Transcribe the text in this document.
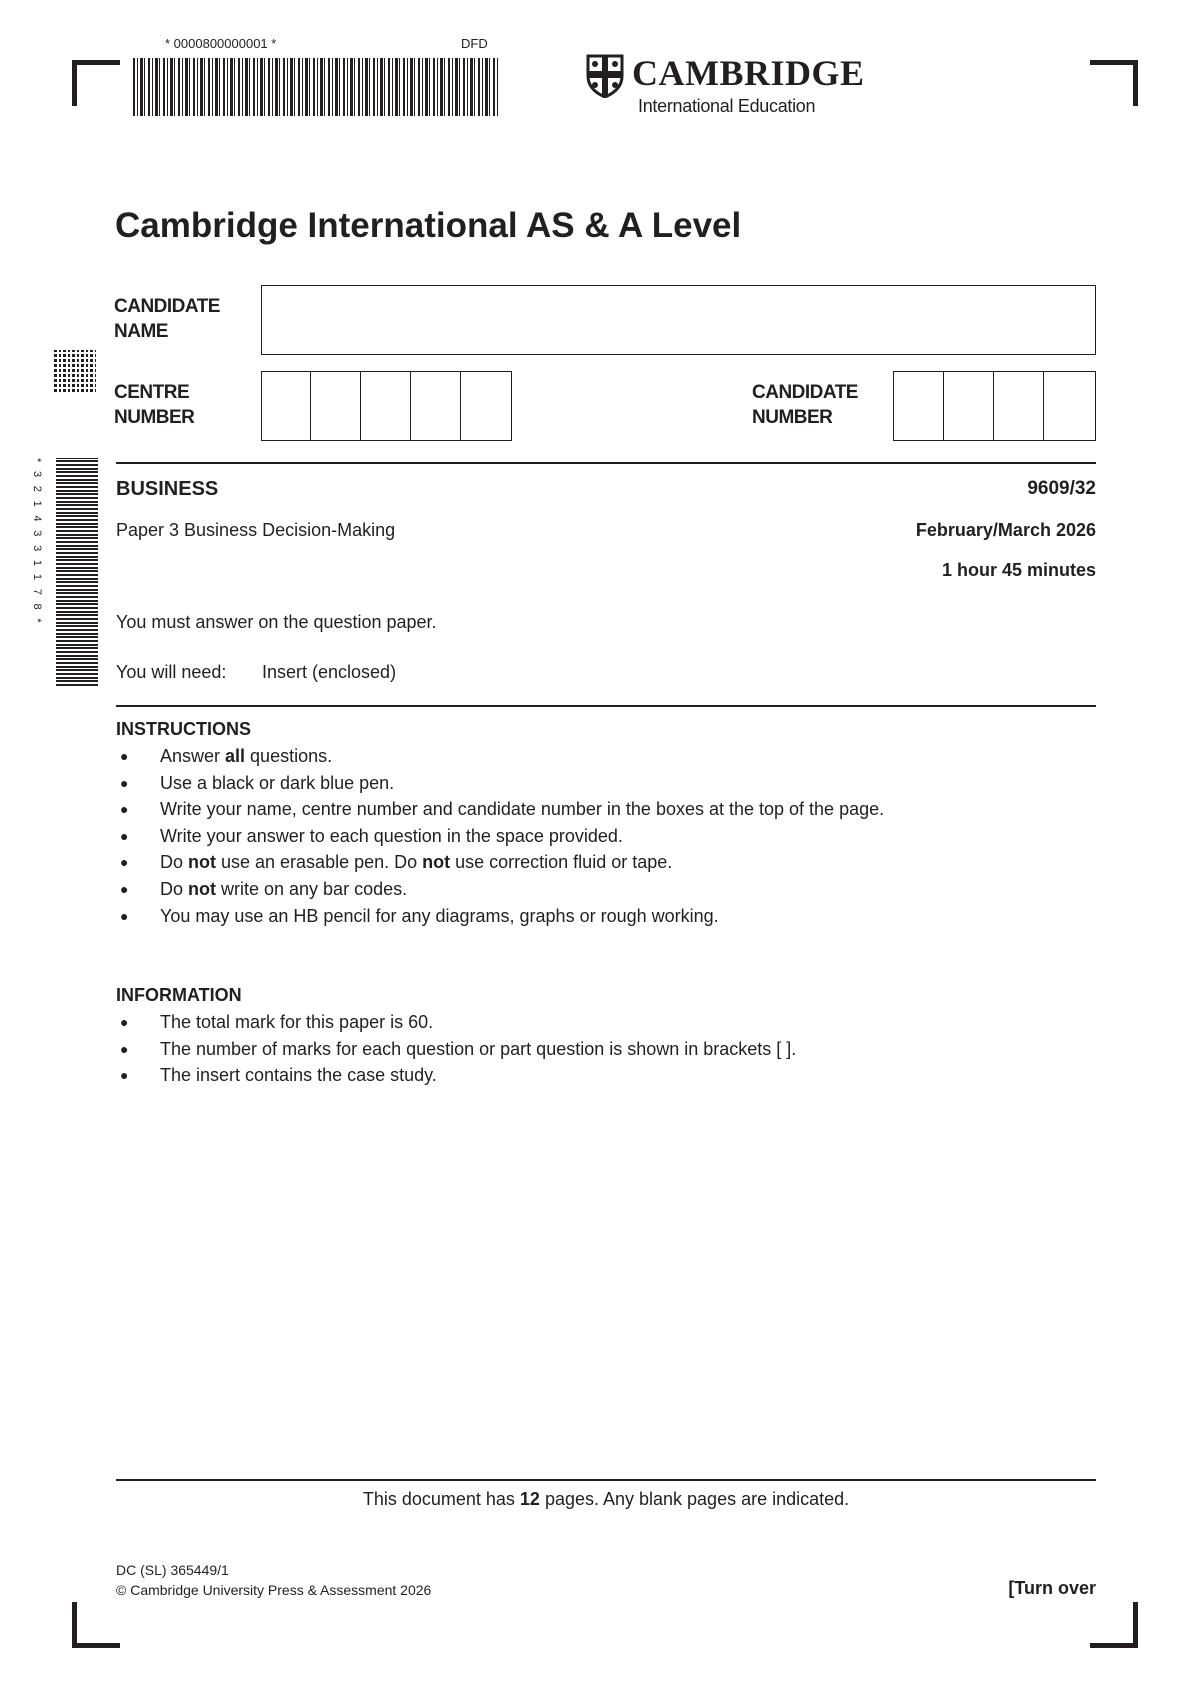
* 0000800000001 *	DFD
CAMBRIDGE
International Education
Cambridge International AS & A Level
*3214331178*
CANDIDATE
NAME
CENTRE
NUMBER
CANDIDATE
NUMBER
BUSINESS	9609/32
Paper 3 Business Decision-Making	February/March 2026
1 hour 45 minutes
You must answer on the question paper.
You will need: Insert (enclosed)
INSTRUCTIONS
● Answer all questions.
● Use a black or dark blue pen.
● Write your name, centre number and candidate number in the boxes at the top of the page.
● Write your answer to each question in the space provided.
● Do not use an erasable pen. Do not use correction fluid or tape.
● Do not write on any bar codes.
● You may use an HB pencil for any diagrams, graphs or rough working.
INFORMATION
● The total mark for this paper is 60.
● The number of marks for each question or part question is shown in brackets [ ].
● The insert contains the case study.
This document has 12 pages. Any blank pages are indicated.
DC (SL) 365449/1
© Cambridge University Press & Assessment 2026	[Turn over
